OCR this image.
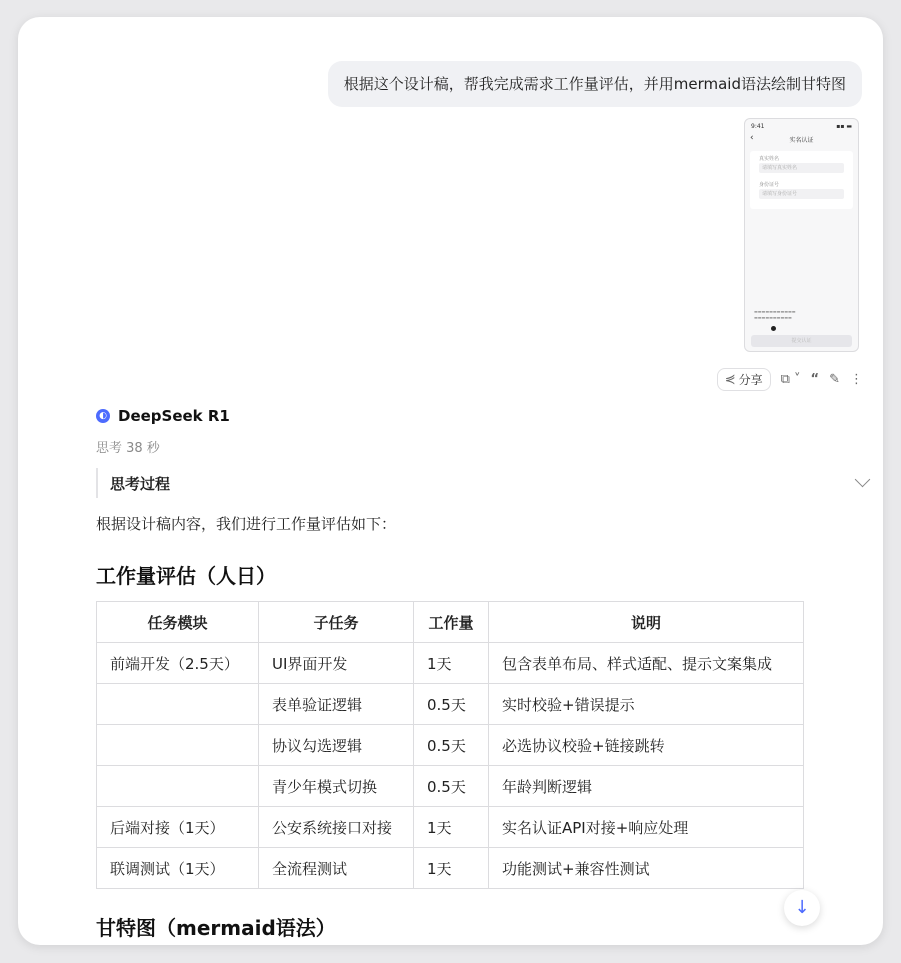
根据这个设计稿，帮我完成需求工作量评估，并用mermaid语法绘制甘特图
9:41	▪▪ ▬
‹	实名认证
真实姓名
请填写真实姓名
身份证号
请填写身份证号
▬▬▬▬▬▬▬▬▬▬▬
▬▬▬▬▬▬▬▬▬▬
提交认证
⋞ 分享 ⧉ ˅ “ ✎ ⋮
◐ DeepSeek R1
思考 38 秒
思考过程
根据设计稿内容，我们进行工作量评估如下：
工作量评估（人日）
任务模块	子任务	工作量	说明
前端开发（2.5天）	UI界面开发	1天	包含表单布局、样式适配、提示文案集成
	表单验证逻辑	0.5天	实时校验+错误提示
	协议勾选逻辑	0.5天	必选协议校验+链接跳转
	青少年模式切换	0.5天	年龄判断逻辑
后端对接（1天）	公安系统接口对接	1天	实名认证API对接+响应处理
联调测试（1天）	全流程测试	1天	功能测试+兼容性测试
甘特图（mermaid语法）
↓
